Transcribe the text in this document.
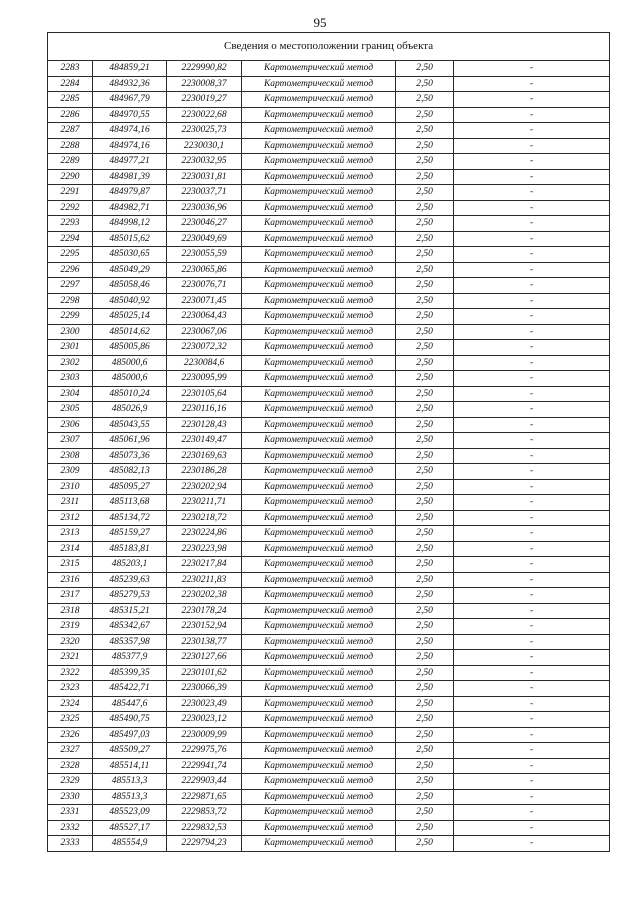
95
Сведения о местоположении границ объекта					
2283	484859,21	2229990,82	Картометрический метод	2,50	-
2284	484932,36	2230008,37	Картометрический метод	2,50	-
2285	484967,79	2230019,27	Картометрический метод	2,50	-
2286	484970,55	2230022,68	Картометрический метод	2,50	-
2287	484974,16	2230025,73	Картометрический метод	2,50	-
2288	484974,16	2230030,1	Картометрический метод	2,50	-
2289	484977,21	2230032,95	Картометрический метод	2,50	-
2290	484981,39	2230031,81	Картометрический метод	2,50	-
2291	484979,87	2230037,71	Картометрический метод	2,50	-
2292	484982,71	2230036,96	Картометрический метод	2,50	-
2293	484998,12	2230046,27	Картометрический метод	2,50	-
2294	485015,62	2230049,69	Картометрический метод	2,50	-
2295	485030,65	2230055,59	Картометрический метод	2,50	-
2296	485049,29	2230065,86	Картометрический метод	2,50	-
2297	485058,46	2230076,71	Картометрический метод	2,50	-
2298	485040,92	2230071,45	Картометрический метод	2,50	-
2299	485025,14	2230064,43	Картометрический метод	2,50	-
2300	485014,62	2230067,06	Картометрический метод	2,50	-
2301	485005,86	2230072,32	Картометрический метод	2,50	-
2302	485000,6	2230084,6	Картометрический метод	2,50	-
2303	485000,6	2230095,99	Картометрический метод	2,50	-
2304	485010,24	2230105,64	Картометрический метод	2,50	-
2305	485026,9	2230116,16	Картометрический метод	2,50	-
2306	485043,55	2230128,43	Картометрический метод	2,50	-
2307	485061,96	2230149,47	Картометрический метод	2,50	-
2308	485073,36	2230169,63	Картометрический метод	2,50	-
2309	485082,13	2230186,28	Картометрический метод	2,50	-
2310	485095,27	2230202,94	Картометрический метод	2,50	-
2311	485113,68	2230211,71	Картометрический метод	2,50	-
2312	485134,72	2230218,72	Картометрический метод	2,50	-
2313	485159,27	2230224,86	Картометрический метод	2,50	-
2314	485183,81	2230223,98	Картометрический метод	2,50	-
2315	485203,1	2230217,84	Картометрический метод	2,50	-
2316	485239,63	2230211,83	Картометрический метод	2,50	-
2317	485279,53	2230202,38	Картометрический метод	2,50	-
2318	485315,21	2230178,24	Картометрический метод	2,50	-
2319	485342,67	2230152,94	Картометрический метод	2,50	-
2320	485357,98	2230138,77	Картометрический метод	2,50	-
2321	485377,9	2230127,66	Картометрический метод	2,50	-
2322	485399,35	2230101,62	Картометрический метод	2,50	-
2323	485422,71	2230066,39	Картометрический метод	2,50	-
2324	485447,6	2230023,49	Картометрический метод	2,50	-
2325	485490,75	2230023,12	Картометрический метод	2,50	-
2326	485497,03	2230009,99	Картометрический метод	2,50	-
2327	485509,27	2229975,76	Картометрический метод	2,50	-
2328	485514,11	2229941,74	Картометрический метод	2,50	-
2329	485513,3	2229903,44	Картометрический метод	2,50	-
2330	485513,3	2229871,65	Картометрический метод	2,50	-
2331	485523,09	2229853,72	Картометрический метод	2,50	-
2332	485527,17	2229832,53	Картометрический метод	2,50	-
2333	485554,9	2229794,23	Картометрический метод	2,50	-
